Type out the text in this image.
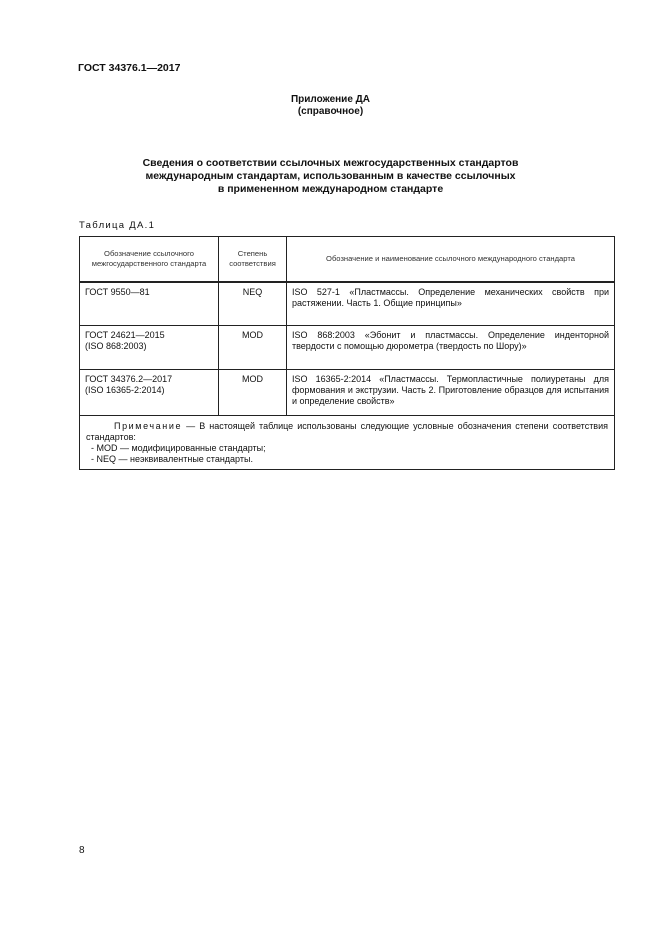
ГОСТ 34376.1—2017
Приложение ДА
(справочное)
Сведения о соответствии ссылочных межгосударственных стандартов
международным стандартам, использованным в качестве ссылочных
в примененном международном стандарте
Таблица ДА.1
Обозначение ссылочного межгосударственного стандарта	Степень соответствия	Обозначение и наименование ссылочного международного стандарта

ГОСТ 9550—81	NEQ	ISO 527-1 «Пластмассы. Определение механических свойств при растяжении. Часть 1. Общие принципы»

ГОСТ 24621—2015
(ISO 868:2003)	MOD	ISO 868:2003 «Эбонит и пластмассы. Определение инденторной твердости с помощью дюрометра (твердость по Шору)»

ГОСТ 34376.2—2017
(ISO 16365-2:2014)	MOD	ISO 16365-2:2014 «Пластмассы. Термопластичные полиуретаны для формования и экструзии. Часть 2. Приготовление образцов для испытания и определение свойств»

Примечание — В настоящей таблице использованы следующие условные обозначения степени соответствия стандартов:

- MOD — модифицированные стандарты;

- NEQ — неэквивалентные стандарты.		

8
